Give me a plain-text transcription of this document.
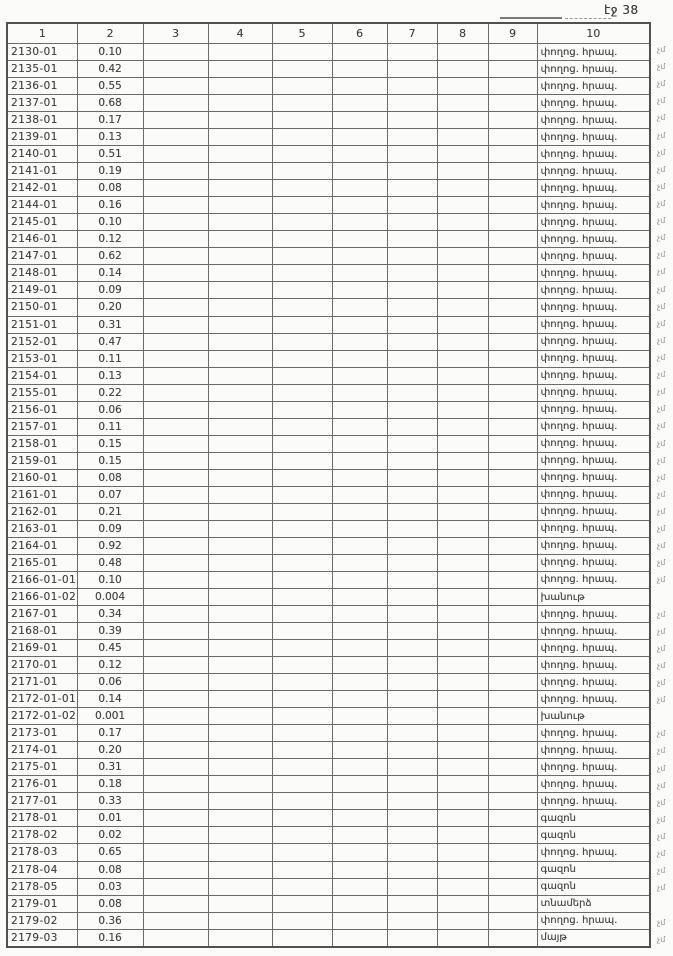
էջ 38
1	2	3	4	5	6	7	8	9	10
2130-01	0.10								փողոց. հրապ.
2135-01	0.42								փողոց. հրապ.
2136-01	0.55								փողոց. հրապ.
2137-01	0.68								փողոց. հրապ.
2138-01	0.17								փողոց. հրապ.
2139-01	0.13								փողոց. հրապ.
2140-01	0.51								փողոց. հրապ.
2141-01	0.19								փողոց. հրապ.
2142-01	0.08								փողոց. հրապ.
2144-01	0.16								փողոց. հրապ.
2145-01	0.10								փողոց. հրապ.
2146-01	0.12								փողոց. հրապ.
2147-01	0.62								փողոց. հրապ.
2148-01	0.14								փողոց. հրապ.
2149-01	0.09								փողոց. հրապ.
2150-01	0.20								փողոց. հրապ.
2151-01	0.31								փողոց. հրապ.
2152-01	0.47								փողոց. հրապ.
2153-01	0.11								փողոց. հրապ.
2154-01	0.13								փողոց. հրապ.
2155-01	0.22								փողոց. հրապ.
2156-01	0.06								փողոց. հրապ.
2157-01	0.11								փողոց. հրապ.
2158-01	0.15								փողոց. հրապ.
2159-01	0.15								փողոց. հրապ.
2160-01	0.08								փողոց. հրապ.
2161-01	0.07								փողոց. հրապ.
2162-01	0.21								փողոց. հրապ.
2163-01	0.09								փողոց. հրապ.
2164-01	0.92								փողոց. հրապ.
2165-01	0.48								փողոց. հրապ.
2166-01-01	0.10								փողոց. հրապ.
2166-01-02	0.004								խանութ
2167-01	0.34								փողոց. հրապ.
2168-01	0.39								փողոց. հրապ.
2169-01	0.45								փողոց. հրապ.
2170-01	0.12								փողոց. հրապ.
2171-01	0.06								փողոց. հրապ.
2172-01-01	0.14								փողոց. հրապ.
2172-01-02	0.001								խանութ
2173-01	0.17								փողոց. հրապ.
2174-01	0.20								փողոց. հրապ.
2175-01	0.31								փողոց. հրապ.
2176-01	0.18								փողոց. հրապ.
2177-01	0.33								փողոց. հրապ.
2178-01	0.01								գազոն
2178-02	0.02								գազոն
2178-03	0.65								փողոց. հրապ.
2178-04	0.08								գազոն
2178-05	0.03								գազոն
2179-01	0.08								տնամերձ
2179-02	0.36								փողոց. հրապ.
2179-03	0.16								մայթ
չմ
չմ
չմ
չմ
չմ
չմ
չմ
չմ
չմ
չմ
չմ
չմ
չմ
չմ
չմ
չմ
չմ
չմ
չմ
չմ
չմ
չմ
չմ
չմ
չմ
չմ
չմ
չմ
չմ
չմ
չմ
չմ
չմ
չմ
չմ
չմ
չմ
չմ
չմ
չմ
չմ
չմ
չմ
չմ
չմ
չմ
չմ
չմ
չմ
չմ
